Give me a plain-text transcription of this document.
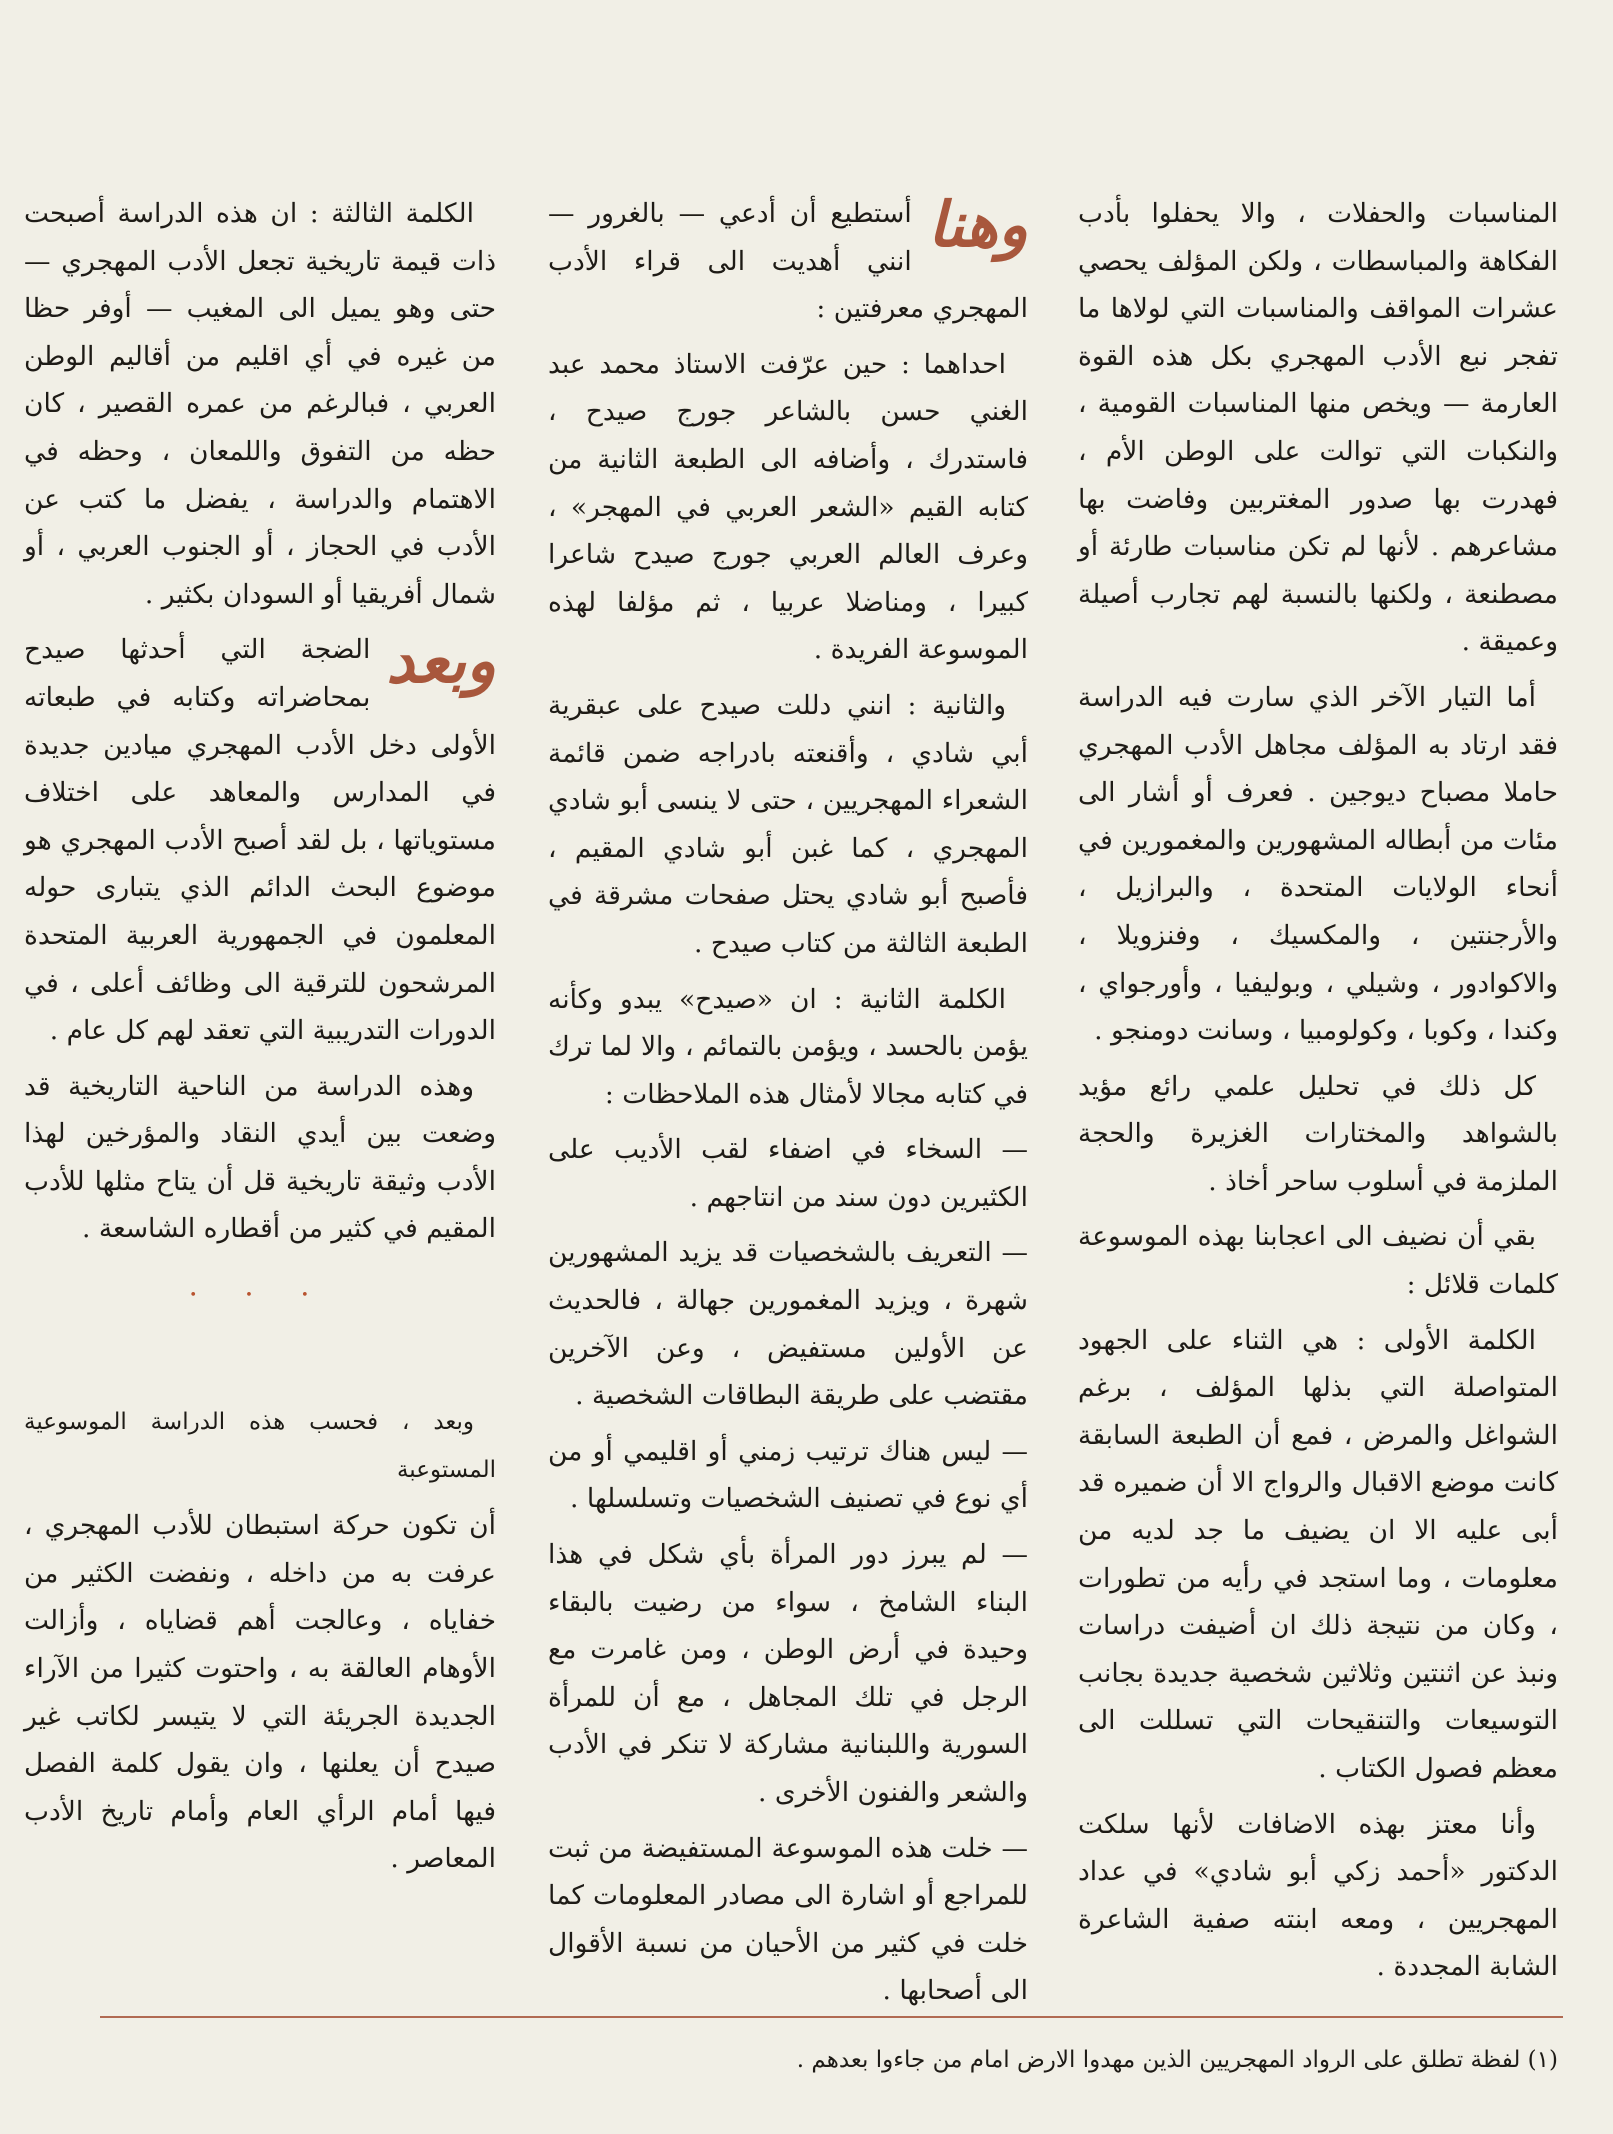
المناسبات والحفلات ، والا يحفلوا بأدب الفكاهة والمباسطات ، ولكن المؤلف يحصي عشرات المواقف والمناسبات التي لولاها ما تفجر نبع الأدب المهجري بكل هذه القوة العارمة — ويخص منها المناسبات القومية ، والنكبات التي توالت على الوطن الأم ، فهدرت بها صدور المغتربين وفاضت بها مشاعرهم . لأنها لم تكن مناسبات طارئة أو مصطنعة ، ولكنها بالنسبة لهم تجارب أصيلة وعميقة .

أما التيار الآخر الذي سارت فيه الدراسة فقد ارتاد به المؤلف مجاهل الأدب المهجري حاملا مصباح ديوجين . فعرف أو أشار الى مئات من أبطاله المشهورين والمغمورين في أنحاء الولايات المتحدة ، والبرازيل ، والأرجنتين ، والمكسيك ، وفنزويلا ، والاكوادور ، وشيلي ، وبوليفيا ، وأورجواي ، وكندا ، وكوبا ، وكولومبيا ، وسانت دومنجو .

كل ذلك في تحليل علمي رائع مؤيد بالشواهد والمختارات الغزيرة والحجة الملزمة في أسلوب ساحر أخاذ .

بقي أن نضيف الى اعجابنا بهذه الموسوعة كلمات قلائل :

الكلمة الأولى : هي الثناء على الجهود المتواصلة التي بذلها المؤلف ، برغم الشواغل والمرض ، فمع أن الطبعة السابقة كانت موضع الاقبال والرواج الا أن ضميره قد أبى عليه الا ان يضيف ما جد لديه من معلومات ، وما استجد في رأيه من تطورات ، وكان من نتيجة ذلك ان أضيفت دراسات ونبذ عن اثنتين وثلاثين شخصية جديدة بجانب التوسيعات والتنقيحات التي تسللت الى معظم فصول الكتاب .

وأنا معتز بهذه الاضافات لأنها سلكت الدكتور «أحمد زكي أبو شادي» في عداد المهجريين ، ومعه ابنته صفية الشاعرة الشابة المجددة .

وهنا
أستطيع أن أدعي — بالغرور — انني أهديت الى قراء الأدب المهجري معرفتين :

احداهما : حين عرّفت الاستاذ محمد عبد الغني حسن بالشاعر جورج صيدح ، فاستدرك ، وأضافه الى الطبعة الثانية من كتابه القيم «الشعر العربي في المهجر» ، وعرف العالم العربي جورج صيدح شاعرا كبيرا ، ومناضلا عربيا ، ثم مؤلفا لهذه الموسوعة الفريدة .

والثانية : انني دللت صيدح على عبقرية أبي شادي ، وأقنعته بادراجه ضمن قائمة الشعراء المهجريين ، حتى لا ينسى أبو شادي المهجري ، كما غبن أبو شادي المقيم ، فأصبح أبو شادي يحتل صفحات مشرقة في الطبعة الثالثة من كتاب صيدح .

الكلمة الثانية : ان «صيدح» يبدو وكأنه يؤمن بالحسد ، ويؤمن بالتمائم ، والا لما ترك في كتابه مجالا لأمثال هذه الملاحظات :

— السخاء في اضفاء لقب الأديب على الكثيرين دون سند من انتاجهم .

— التعريف بالشخصيات قد يزيد المشهورين شهرة ، ويزيد المغمورين جهالة ، فالحديث عن الأولين مستفيض ، وعن الآخرين مقتضب على طريقة البطاقات الشخصية .

— ليس هناك ترتيب زمني أو اقليمي أو من أي نوع في تصنيف الشخصيات وتسلسلها .

— لم يبرز دور المرأة بأي شكل في هذا البناء الشامخ ، سواء من رضيت بالبقاء وحيدة في أرض الوطن ، ومن غامرت مع الرجل في تلك المجاهل ، مع أن للمرأة السورية واللبنانية مشاركة لا تنكر في الأدب والشعر والفنون الأخرى .

— خلت هذه الموسوعة المستفيضة من ثبت للمراجع أو اشارة الى مصادر المعلومات كما خلت في كثير من الأحيان من نسبة الأقوال الى أصحابها .

الكلمة الثالثة : ان هذه الدراسة أصبحت ذات قيمة تاريخية تجعل الأدب المهجري — حتى وهو يميل الى المغيب — أوفر حظا من غيره في أي اقليم من أقاليم الوطن العربي ، فبالرغم من عمره القصير ، كان حظه من التفوق واللمعان ، وحظه في الاهتمام والدراسة ، يفضل ما كتب عن الأدب في الحجاز ، أو الجنوب العربي ، أو شمال أفريقيا أو السودان بكثير .

وبعد
الضجة التي أحدثها صيدح بمحاضراته وكتابه في طبعاته الأولى دخل الأدب المهجري ميادين جديدة في المدارس والمعاهد على اختلاف مستوياتها ، بل لقد أصبح الأدب المهجري هو موضوع البحث الدائم الذي يتبارى حوله المعلمون في الجمهورية العربية المتحدة المرشحون للترقية الى وظائف أعلى ، في الدورات التدريبية التي تعقد لهم كل عام .

وهذه الدراسة من الناحية التاريخية قد وضعت بين أيدي النقاد والمؤرخين لهذا الأدب وثيقة تاريخية قل أن يتاح مثلها للأدب المقيم في كثير من أقطاره الشاسعة .

• • •

وبعد ، فحسب هذه الدراسة الموسوعية المستوعبة

أن تكون حركة استبطان للأدب المهجري ، عرفت به من داخله ، ونفضت الكثير من خفاياه ، وعالجت أهم قضاياه ، وأزالت الأوهام العالقة به ، واحتوت كثيرا من الآراء الجديدة الجريئة التي لا يتيسر لكاتب غير صيدح أن يعلنها ، وان يقول كلمة الفصل فيها أمام الرأي العام وأمام تاريخ الأدب المعاصر .

(١) لفظة تطلق على الرواد المهجريين الذين مهدوا الارض امام من جاءوا بعدهم .
